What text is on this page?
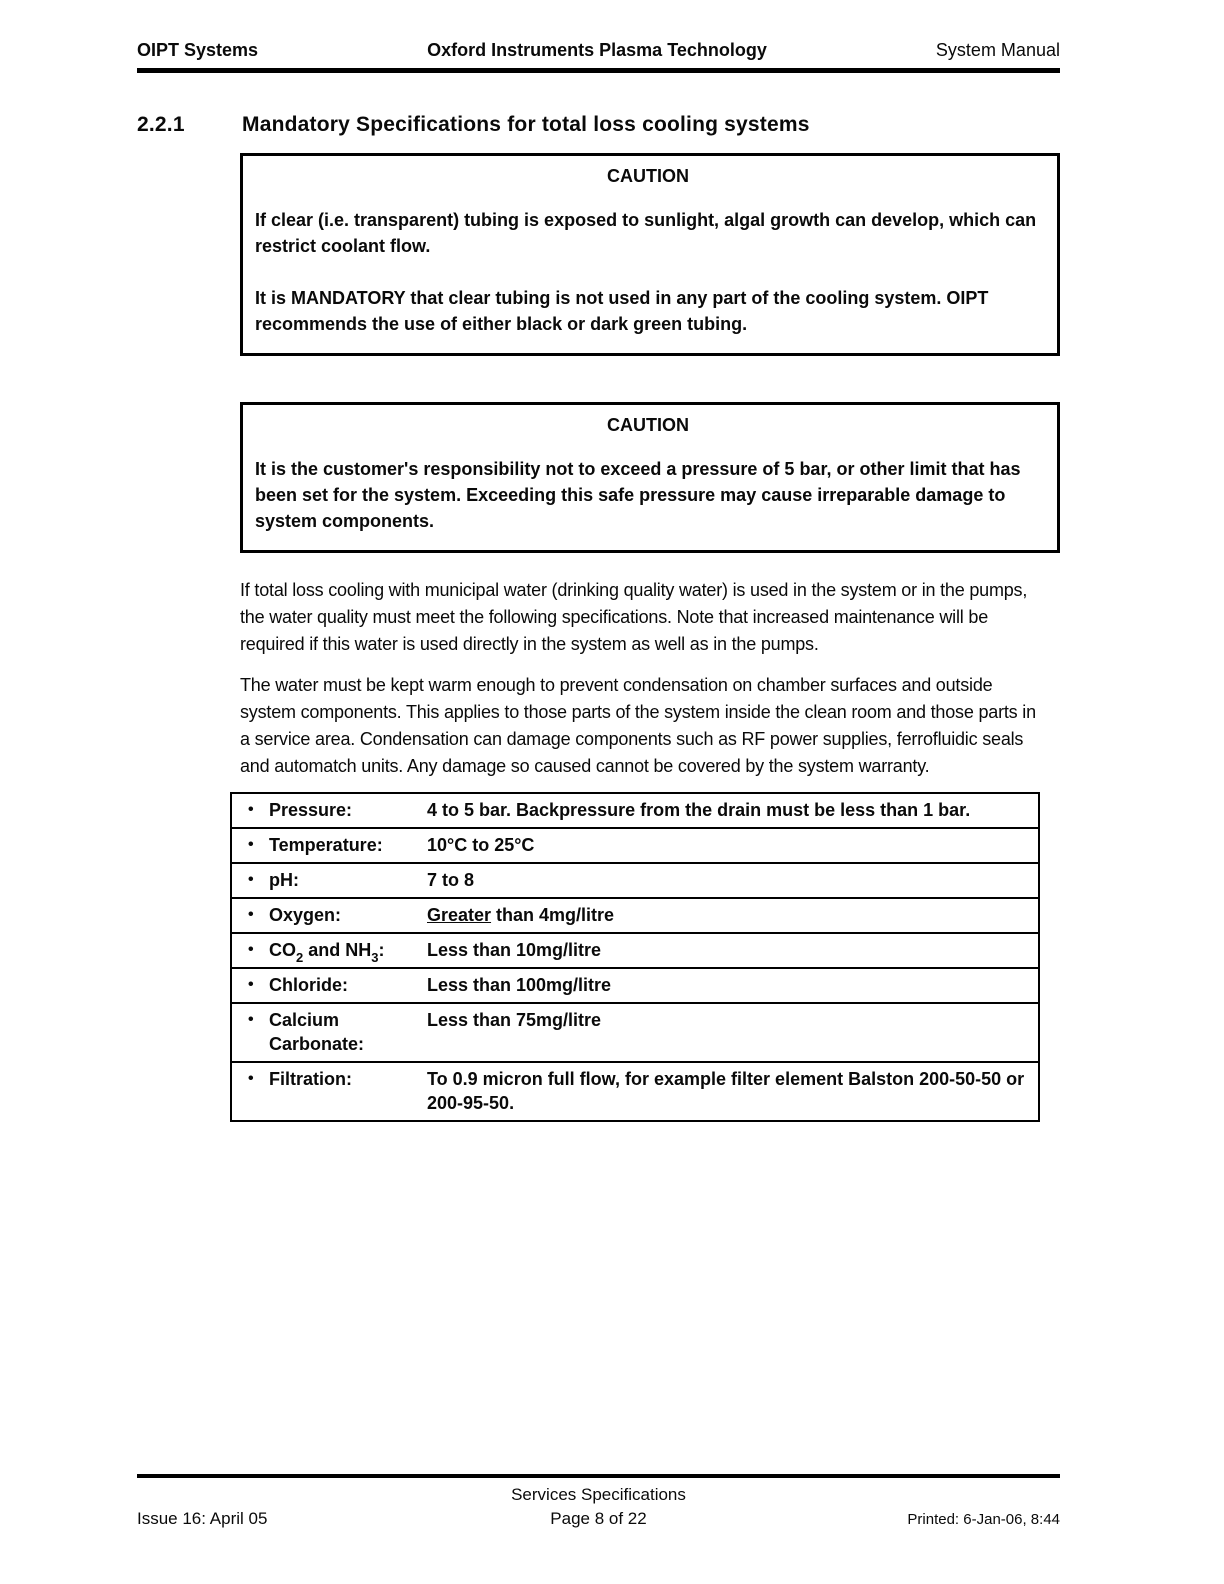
OIPT Systems	Oxford Instruments Plasma Technology	System Manual
2.2.1	Mandatory Specifications for total loss cooling systems
CAUTION
If clear (i.e. transparent) tubing is exposed to sunlight, algal growth can develop, which can restrict coolant flow.
It is MANDATORY that clear tubing is not used in any part of the cooling system. OIPT recommends the use of either black or dark green tubing.
CAUTION
It is the customer's responsibility not to exceed a pressure of 5 bar, or other limit that has been set for the system. Exceeding this safe pressure may cause irreparable damage to system components.
If total loss cooling with municipal water (drinking quality water) is used in the system or in the pumps, the water quality must meet the following specifications. Note that increased maintenance will be required if this water is used directly in the system as well as in the pumps.
The water must be kept warm enough to prevent condensation on chamber surfaces and outside system components. This applies to those parts of the system inside the clean room and those parts in a service area. Condensation can damage components such as RF power supplies, ferrofluidic seals and automatch units. Any damage so caused cannot be covered by the system warranty.
•	Pressure:	4 to 5 bar. Backpressure from the drain must be less than 1 bar.
•	Temperature:	10°C to 25°C
•	pH:	7 to 8
•	Oxygen:	Greater than 4mg/litre
•	$CO_2$ and $NH_3$:	Less than 10mg/litre
•	Chloride:	Less than 100mg/litre
•	Calcium Carbonate:	Less than 75mg/litre
•	Filtration:	To 0.9 micron full flow, for example filter element Balston 200-50-50 or 200-95-50.
Services Specifications
Issue 16: April 05	Page 8 of 22	Printed: 6-Jan-06, 8:44
